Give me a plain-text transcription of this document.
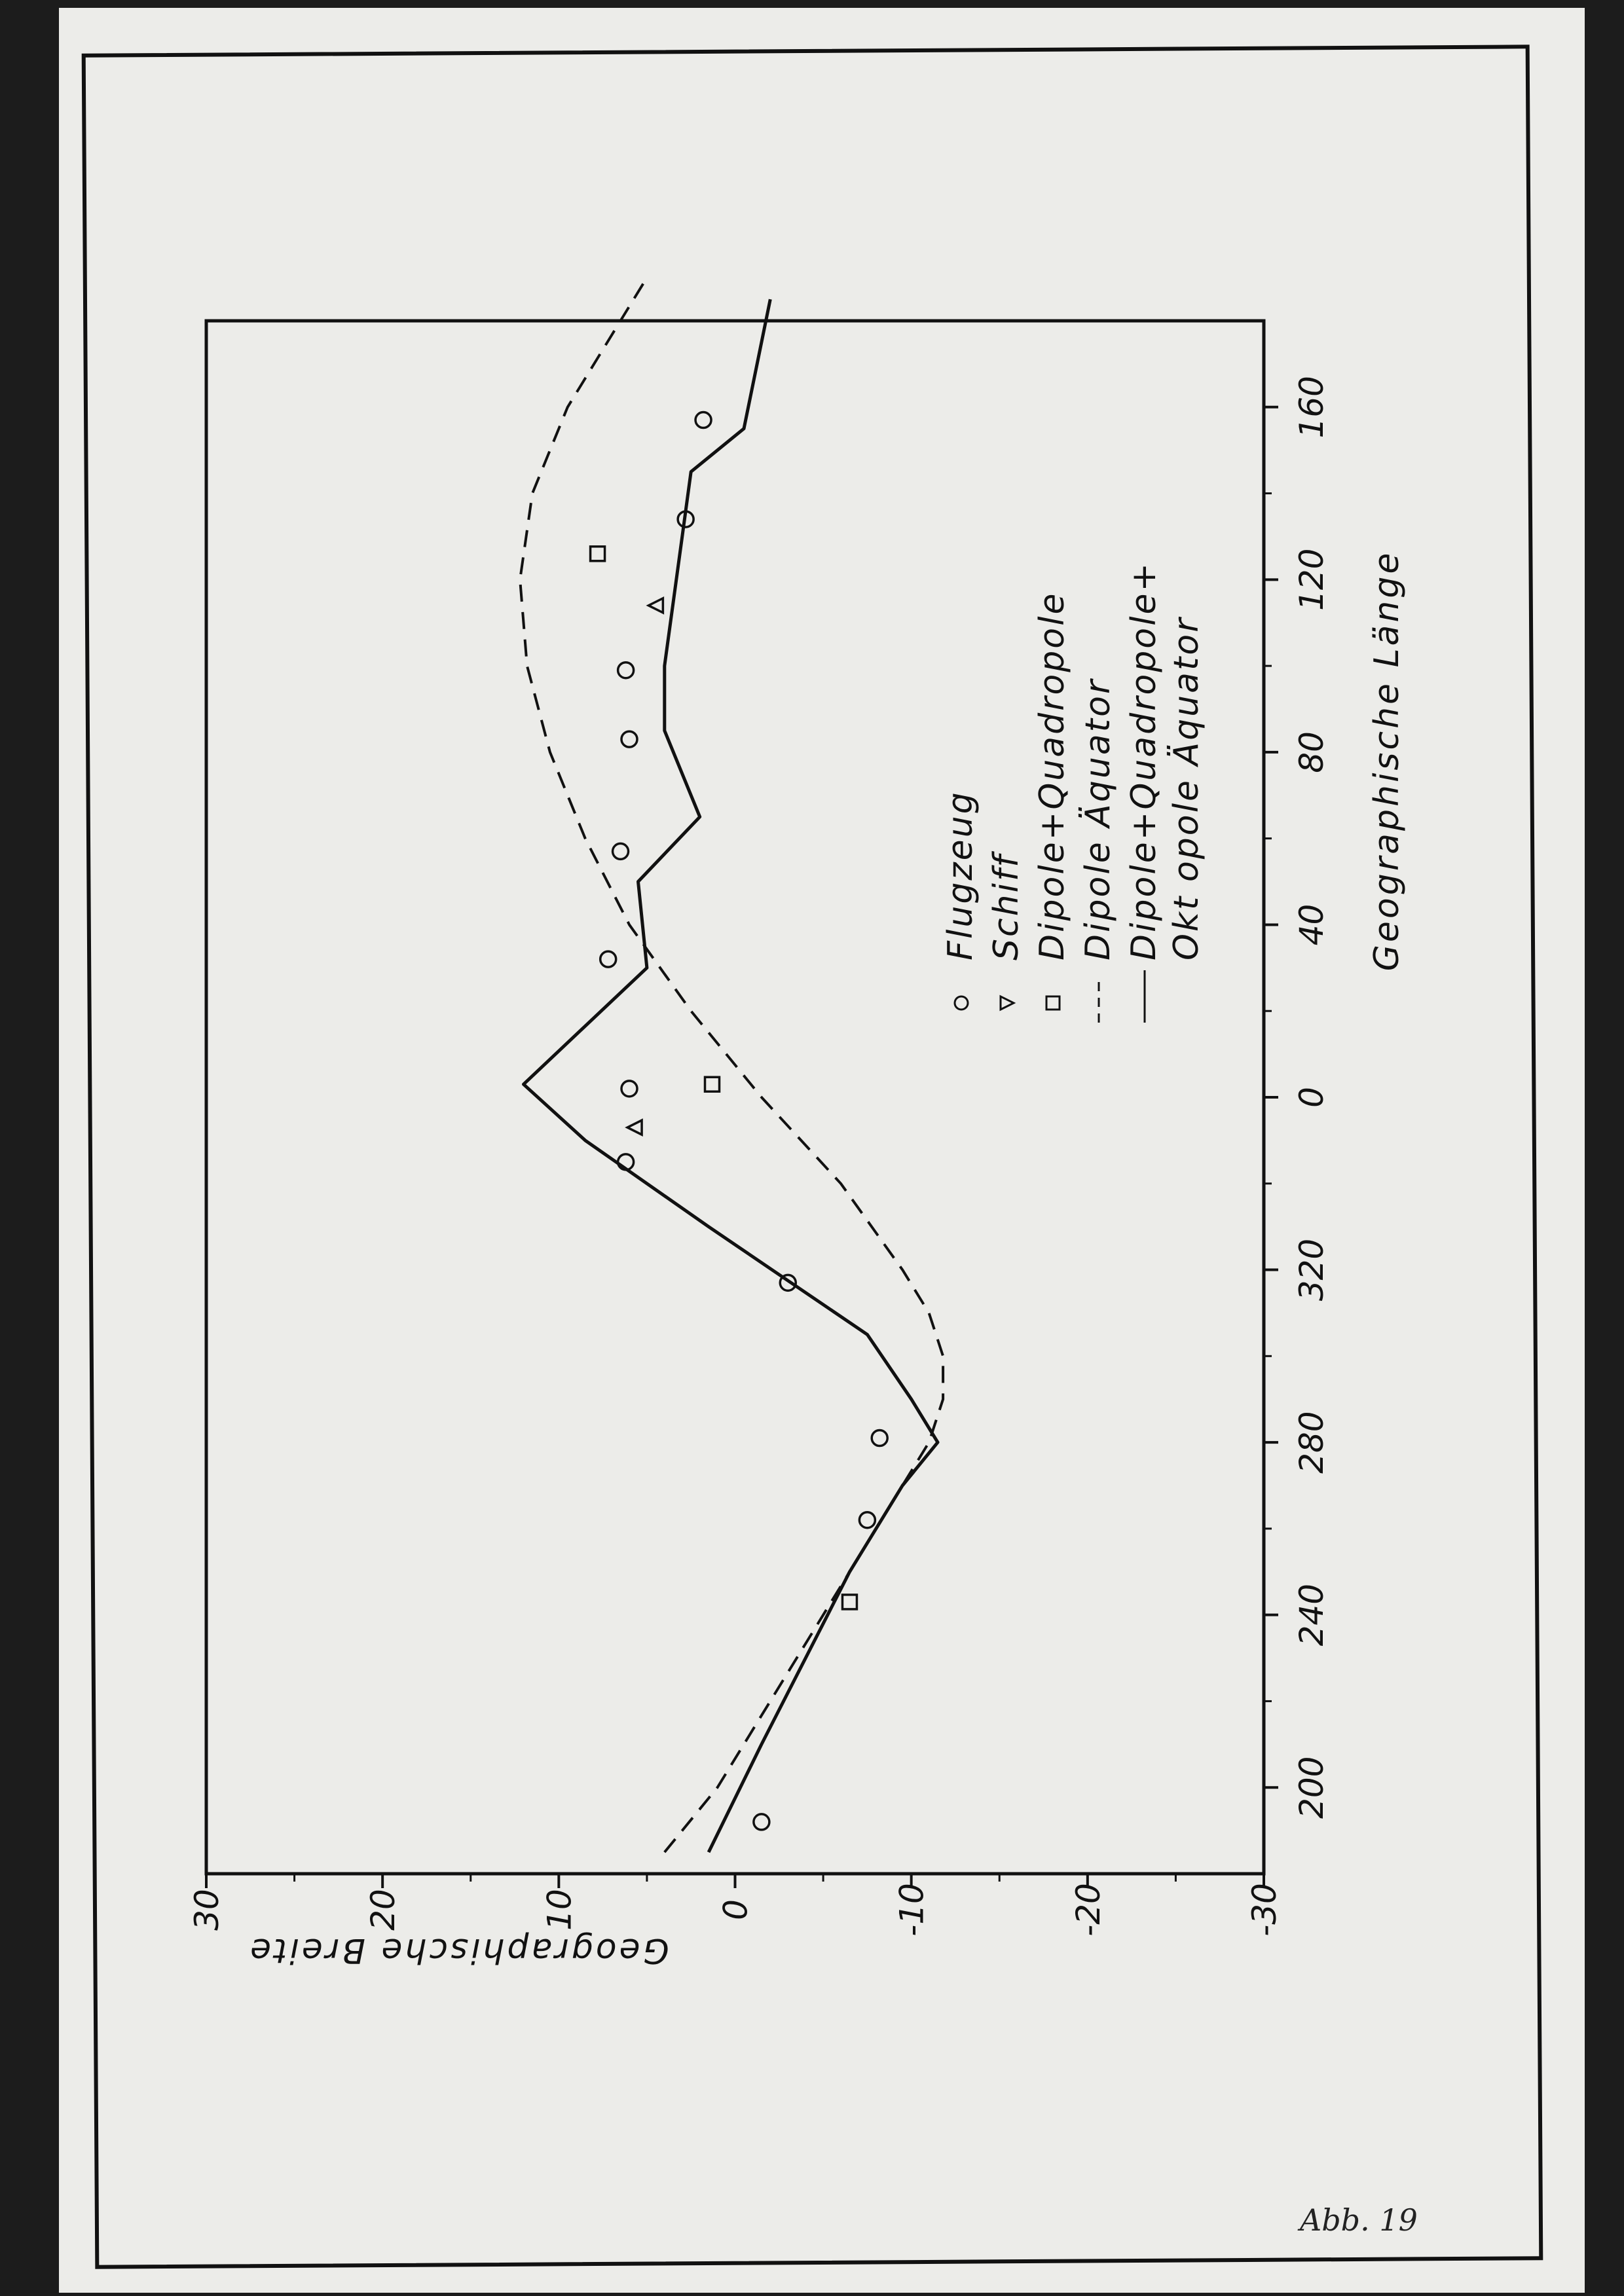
Geographische Länge
Geographische Breite
Abb. 19
200
240
280
320
0
40
80
120
160
30	20	10	0	-10	-20	-30
Flugzeug Schiff Dipole+Quadropole Dipole Äquator Dipole+Quadropole+ Okt opole Äquator
